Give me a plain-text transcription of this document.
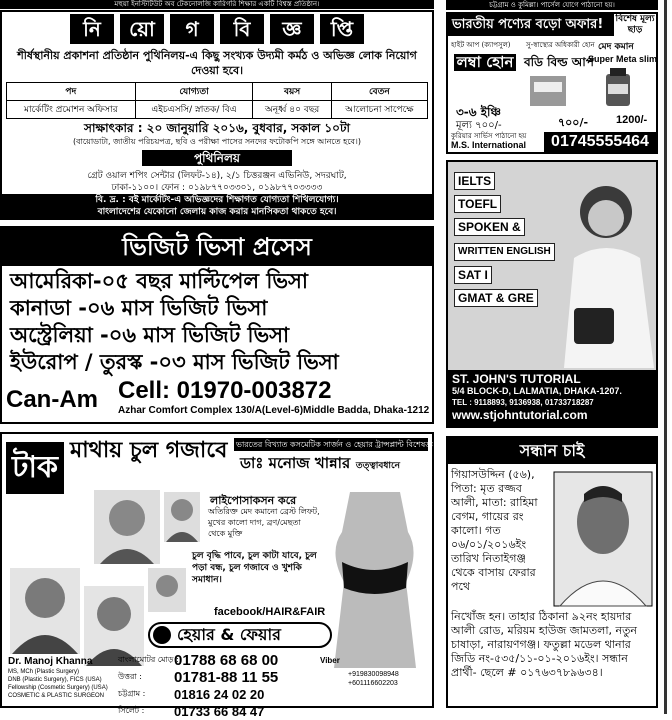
মহুয়া ইনস্টিটিউট অব টেকনোলজি কারিগরি শিক্ষার একটি বিশ্বস্ত প্রতিষ্ঠান।
নি	য়ো	গ	বি	জ্ঞ	প্তি
শীর্ষস্থানীয় প্রকাশনা প্রতিষ্ঠান পুথিনিলয়-এ কিছু সংখ্যক উদ্যমী কর্মঠ ও অভিজ্ঞ লোক নিয়োগ দেওয়া হবে।
পদ	যোগ্যতা	বয়স	বেতন
মার্কেটিং প্রমোশন অফিসার	এইচএসসি/ স্নাতক/ বিএ	অনূর্ধ্ব ৪০ বছর	আলোচনা সাপেক্ষে
সাক্ষাৎকার : ২০ জানুয়ারি ২০১৬, বুধবার, সকাল ১০টা
(বায়োডাটা, জাতীয় পরিচয়পত্র, ছবি ও পরীক্ষা পাসের সনদের ফটোকপি সঙ্গে আনতে হবে।)
পুথিনিলয়
গ্রেট ওয়াল শপিং সেন্টার (লিফট-১৪), ২/১ চিত্তরঞ্জন এভিনিউ, সদরঘাট,
ঢাকা-১১০০। ফোন : ০১৯৮৭৭০৩৩০১, ০১৯৮৭৭০৩৩৩৩
বি. দ্র. : বই মার্কেটিং-এ অভিজ্ঞদের শিক্ষাগত যোগ্যতা শিথিলযোগ্য।
বাংলাদেশের যেকোনো জেলায় কাজ করার মানসিকতা থাকতে হবে।
ভিজিট ভিসা প্রসেস
আমেরিকা-০৫ বছর মাল্টিপেল ভিসা
কানাডা -০৬ মাস ভিজিট ভিসা
অস্ট্রেলিয়া -০৬ মাস ভিজিট ভিসা
ইউরোপ / তুরস্ক -০৩ মাস ভিজিট ভিসা
Can-Am Cell: 01970-003872
Azhar Comfort Complex 130/A(Level-6)Middle Badda, Dhaka-1212
টাক মাথায় চুল গজাবে ভারতের বিখ্যাত কসমেটিক সার্জন ও হেয়ার ট্রান্সপ্লান্ট বিশেষজ্ঞ
ডাঃ মনোজ খান্নার তত্ত্বাবধানে
লাইপোসাকসন করে
অতিরিক্ত মেদ কমানো ব্রেস্ট লিফট, মুখের কালো দাগ, ব্রণ/মেছতা থেকে মুক্তি
চুল বৃদ্ধি পাবে, চুল কাটা যাবে, চুল পড়া বন্ধ, চুল গজাবে ও খুশকি সমাধান।
facebook/HAIR&FAIR
হেয়ার & ফেয়ার
Dr. Manoj Khanna
MS, MCh (Plastic Surgery)
DNB (Plastic Surgery), FICS (USA)
Fellowship (Cosmetic Surgery) (USA)
COSMETIC & PLASTIC SURGEON
বাংলামোটর মোড় :
01788 68 68 00
উত্তরা :	01781-88 11 55
চট্টগ্রাম :	01816 24 02 20
সিলেট :	01733 66 84 47
+919830098948
+601116602203
Viber
চট্টগ্রাম ও কুমিল্লা। পার্সেল যোগে পাঠানো হয়।
ভারতীয় পণ্যের বড়ো অফার!	বিশেষ মূল্য ছাড়
হাইট আপ (ক্যাপসুল) সু-স্বাস্থ্যের অধিকারী হোন মেদ কমান
লম্বা হোন বডি বিল্ড আপ
Super Meta slim
৩-৬ ইঞ্চি
মূল্য ৭০০/-	৭০০/-	1200/-
কুরিয়ার সার্ভিস পাঠানো হয়
M.S. International	01745555464
IELTS
TOEFL
SPOKEN &
WRITTEN ENGLISH
SAT I
GMAT & GRE
ST. JOHN'S TUTORIAL
5/4 BLOCK-D, LALMATIA, DHAKA-1207.
TEL : 9118893, 9136938, 01733718287
www.stjohntutorial.com
সন্ধান চাই
গিয়াসউদ্দিন (৫৬), পিতা: মৃত রজ্জব আলী, মাতা: রাহিমা বেগম, গায়ের রং কালো। গত ০৬/০১/২০১৬ইং তারিখ নিতাইগঞ্জ থেকে বাসায় ফেরার পথে
নিখোঁজ হন। তাহার ঠিকানা ৯২নং হায়দার আলী রোড, মরিয়ম হাউজ জামতলা, নতুন চাষাড়া, নারায়ণগঞ্জ। ফতুল্লা মডেল থানার জিডি নং-৫৩৫/১১-০১-২০১৬ইং। সন্ধান প্রার্থী- ছেলে # ০১৭৬৩৭৮৯৬৩৪।
